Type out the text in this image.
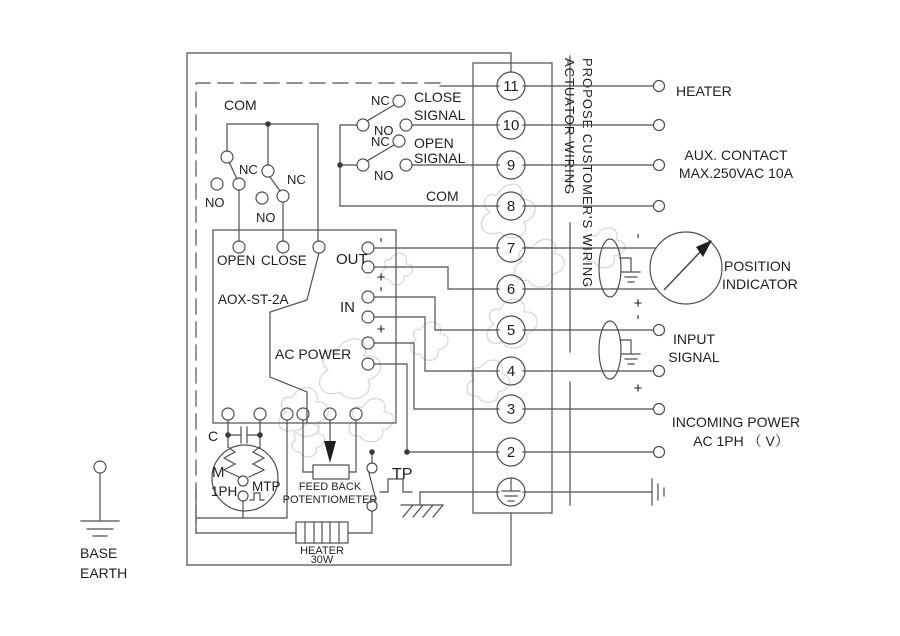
COM
NC
NO
NC
NO
NC
NO
NC
NO
CLOSE
SIGNAL
OPEN
SIGNAL
COM
OPEN CLOSE
AOX-ST-2A
OUT
IN
AC POWER
-
+
-
+
C
M
1PH MTP FEED BACK
POTENTIOMETER
TP
HEATER
30W
11
10
9
8
7
6
5
4
3
2
ACTUATOR WIRING PROPOSE CUSTOMER'S WIRING	HEATER
AUX. CONTACT
MAX.250VAC 10A
-
+
POSITION
INDICATOR
-
+
INPUT
SIGNAL
INCOMING POWER
AC 1PH （ V）
BASE
EARTH
